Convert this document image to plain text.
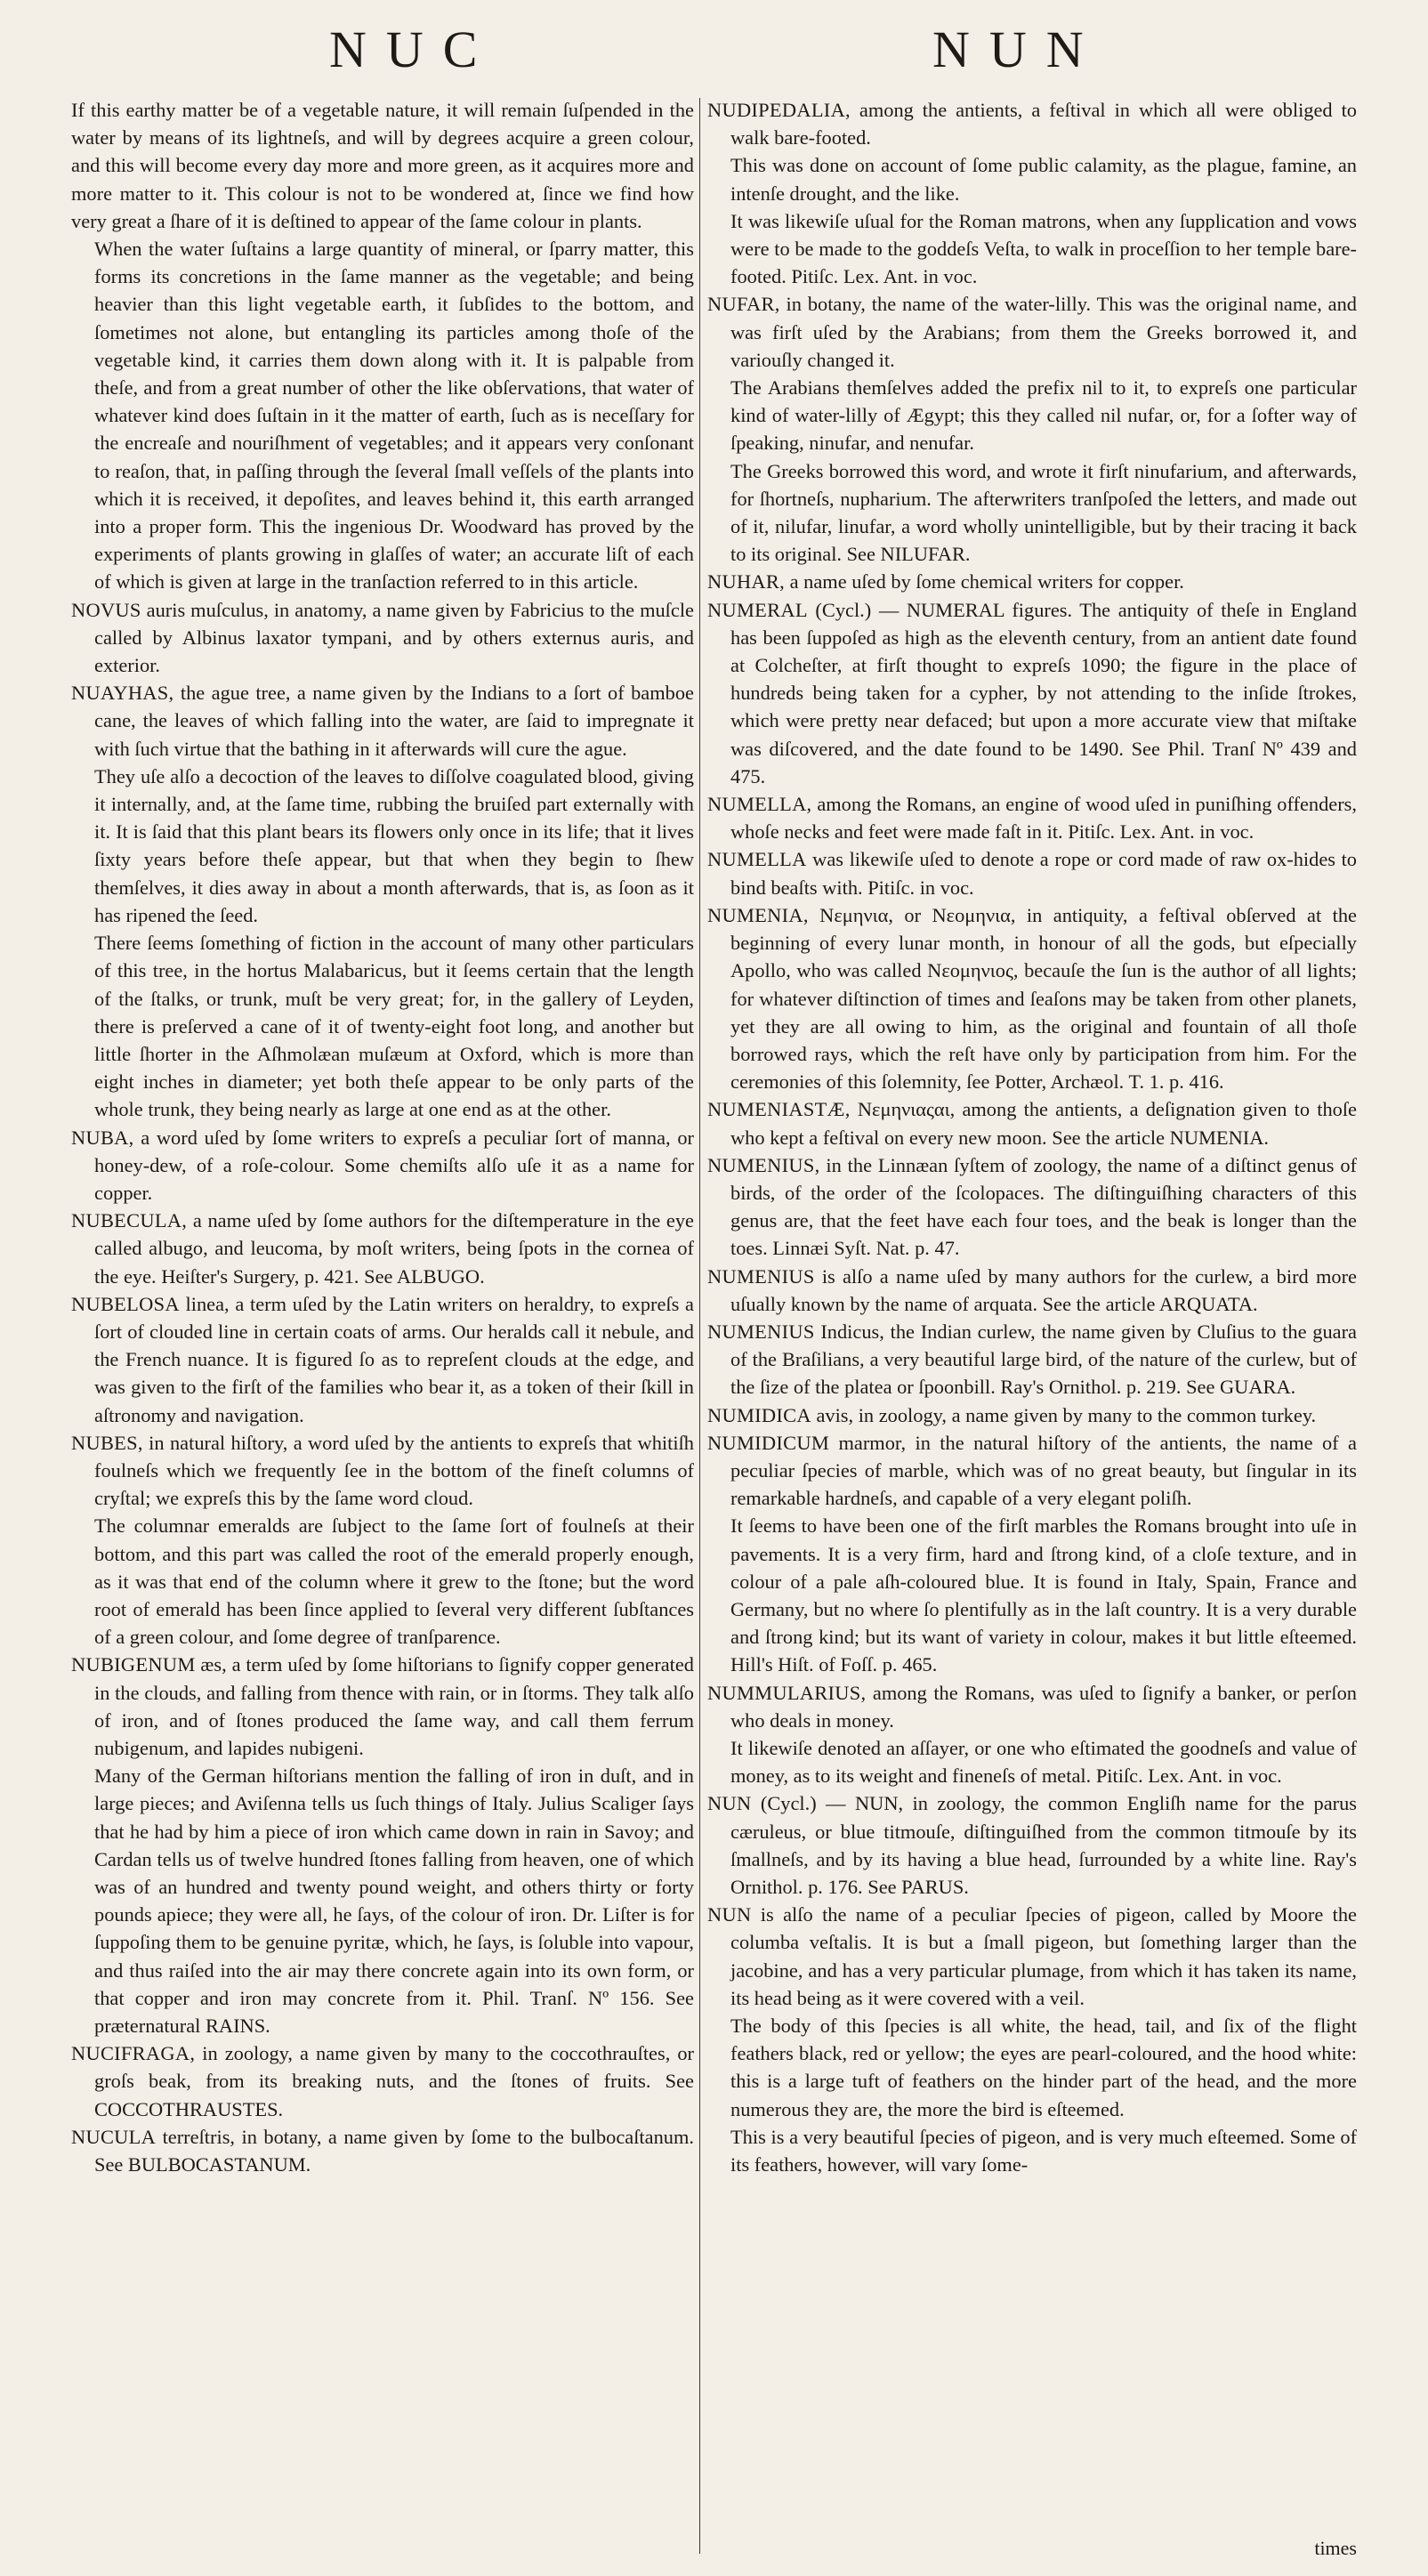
NUC	NUN

If this earthy matter be of a vegetable nature, it will remain ſuſpended in the water by means of its lightneſs, and will by degrees acquire a green colour, and this will become every day more and more green, as it acquires more and more matter to it. This colour is not to be wondered at, ſince we find how very great a ſhare of it is deſtined to appear of the ſame colour in plants.

When the water ſuſtains a large quantity of mineral, or ſparry matter, this forms its concretions in the ſame manner as the vegetable; and being heavier than this light vegetable earth, it ſubſides to the bottom, and ſometimes not alone, but entangling its particles among thoſe of the vegetable kind, it carries them down along with it. It is palpable from theſe, and from a great number of other the like obſervations, that water of whatever kind does ſuſtain in it the matter of earth, ſuch as is neceſſary for the encreaſe and nouriſhment of vegetables; and it appears very conſonant to reaſon, that, in paſſing through the ſeveral ſmall veſſels of the plants into which it is received, it depoſites, and leaves behind it, this earth arranged into a proper form. This the ingenious Dr. Woodward has proved by the experiments of plants growing in glaſſes of water; an accurate liſt of each of which is given at large in the tranſaction referred to in this article.

NOVUS auris muſculus, in anatomy, a name given by Fabricius to the muſcle called by Albinus laxator tympani, and by others externus auris, and exterior.

NUAYHAS, the ague tree, a name given by the Indians to a ſort of bamboe cane, the leaves of which falling into the water, are ſaid to impregnate it with ſuch virtue that the bathing in it afterwards will cure the ague.

They uſe alſo a decoction of the leaves to diſſolve coagulated blood, giving it internally, and, at the ſame time, rubbing the bruiſed part externally with it. It is ſaid that this plant bears its flowers only once in its life; that it lives ſixty years before theſe appear, but that when they begin to ſhew themſelves, it dies away in about a month afterwards, that is, as ſoon as it has ripened the ſeed.

There ſeems ſomething of fiction in the account of many other particulars of this tree, in the hortus Malabaricus, but it ſeems certain that the length of the ſtalks, or trunk, muſt be very great; for, in the gallery of Leyden, there is preſerved a cane of it of twenty-eight foot long, and another but little ſhorter in the Aſhmolæan muſæum at Oxford, which is more than eight inches in diameter; yet both theſe appear to be only parts of the whole trunk, they being nearly as large at one end as at the other.

NUBA, a word uſed by ſome writers to expreſs a peculiar ſort of manna, or honey-dew, of a roſe-colour. Some chemiſts alſo uſe it as a name for copper.

NUBECULA, a name uſed by ſome authors for the diſtemperature in the eye called albugo, and leucoma, by moſt writers, being ſpots in the cornea of the eye. Heiſter's Surgery, p. 421. See ALBUGO.

NUBELOSA linea, a term uſed by the Latin writers on heraldry, to expreſs a ſort of clouded line in certain coats of arms. Our heralds call it nebule, and the French nuance. It is figured ſo as to repreſent clouds at the edge, and was given to the firſt of the families who bear it, as a token of their ſkill in aſtronomy and navigation.

NUBES, in natural hiſtory, a word uſed by the antients to expreſs that whitiſh foulneſs which we frequently ſee in the bottom of the fineſt columns of cryſtal; we expreſs this by the ſame word cloud.

The columnar emeralds are ſubject to the ſame ſort of foulneſs at their bottom, and this part was called the root of the emerald properly enough, as it was that end of the column where it grew to the ſtone; but the word root of emerald has been ſince applied to ſeveral very different ſubſtances of a green colour, and ſome degree of tranſparence.

NUBIGENUM æs, a term uſed by ſome hiſtorians to ſignify copper generated in the clouds, and falling from thence with rain, or in ſtorms. They talk alſo of iron, and of ſtones produced the ſame way, and call them ferrum nubigenum, and lapides nubigeni.

Many of the German hiſtorians mention the falling of iron in duſt, and in large pieces; and Aviſenna tells us ſuch things of Italy. Julius Scaliger ſays that he had by him a piece of iron which came down in rain in Savoy; and Cardan tells us of twelve hundred ſtones falling from heaven, one of which was of an hundred and twenty pound weight, and others thirty or forty pounds apiece; they were all, he ſays, of the colour of iron. Dr. Liſter is for ſuppoſing them to be genuine pyritæ, which, he ſays, is ſoluble into vapour, and thus raiſed into the air may there concrete again into its own form, or that copper and iron may concrete from it. Phil. Tranſ. Nº 156. See præternatural RAINS.

NUCIFRAGA, in zoology, a name given by many to the coccothrauſtes, or groſs beak, from its breaking nuts, and the ſtones of fruits. See COCCOTHRAUSTES.

NUCULA terreſtris, in botany, a name given by ſome to the bulbocaſtanum. See BULBOCASTANUM.

NUDIPEDALIA, among the antients, a feſtival in which all were obliged to walk bare-footed.

This was done on account of ſome public calamity, as the plague, famine, an intenſe drought, and the like.

It was likewiſe uſual for the Roman matrons, when any ſupplication and vows were to be made to the goddeſs Veſta, to walk in proceſſion to her temple bare-footed. Pitiſc. Lex. Ant. in voc.

NUFAR, in botany, the name of the water-lilly. This was the original name, and was firſt uſed by the Arabians; from them the Greeks borrowed it, and variouſly changed it.

The Arabians themſelves added the prefix nil to it, to expreſs one particular kind of water-lilly of Ægypt; this they called nil nufar, or, for a ſofter way of ſpeaking, ninufar, and nenufar.

The Greeks borrowed this word, and wrote it firſt ninufarium, and afterwards, for ſhortneſs, nupharium. The afterwriters tranſpoſed the letters, and made out of it, nilufar, linufar, a word wholly unintelligible, but by their tracing it back to its original. See NILUFAR.

NUHAR, a name uſed by ſome chemical writers for copper.

NUMERAL (Cycl.) — NUMERAL figures. The antiquity of theſe in England has been ſuppoſed as high as the eleventh century, from an antient date found at Colcheſter, at firſt thought to expreſs 1090; the figure in the place of hundreds being taken for a cypher, by not attending to the inſide ſtrokes, which were pretty near defaced; but upon a more accurate view that miſtake was diſcovered, and the date found to be 1490. See Phil. Tranſ Nº 439 and 475.

NUMELLA, among the Romans, an engine of wood uſed in puniſhing offenders, whoſe necks and feet were made faſt in it. Pitiſc. Lex. Ant. in voc.

NUMELLA was likewiſe uſed to denote a rope or cord made of raw ox-hides to bind beaſts with. Pitiſc. in voc.

NUMENIA, Νεμηνια, or Νεομηνια, in antiquity, a feſtival obſerved at the beginning of every lunar month, in honour of all the gods, but eſpecially Apollo, who was called Νεομηνιος, becauſe the ſun is the author of all lights; for whatever diſtinction of times and ſeaſons may be taken from other planets, yet they are all owing to him, as the original and fountain of all thoſe borrowed rays, which the reſt have only by participation from him. For the ceremonies of this ſolemnity, ſee Potter, Archæol. T. 1. p. 416.

NUMENIASTÆ, Νεμηνιαςαι, among the antients, a deſignation given to thoſe who kept a feſtival on every new moon. See the article NUMENIA.

NUMENIUS, in the Linnæan ſyſtem of zoology, the name of a diſtinct genus of birds, of the order of the ſcolopaces. The diſtinguiſhing characters of this genus are, that the feet have each four toes, and the beak is longer than the toes. Linnæi Syſt. Nat. p. 47.

NUMENIUS is alſo a name uſed by many authors for the curlew, a bird more uſually known by the name of arquata. See the article ARQUATA.

NUMENIUS Indicus, the Indian curlew, the name given by Cluſius to the guara of the Braſilians, a very beautiful large bird, of the nature of the curlew, but of the ſize of the platea or ſpoonbill. Ray's Ornithol. p. 219. See GUARA.

NUMIDICA avis, in zoology, a name given by many to the common turkey.

NUMIDICUM marmor, in the natural hiſtory of the antients, the name of a peculiar ſpecies of marble, which was of no great beauty, but ſingular in its remarkable hardneſs, and capable of a very elegant poliſh.

It ſeems to have been one of the firſt marbles the Romans brought into uſe in pavements. It is a very firm, hard and ſtrong kind, of a cloſe texture, and in colour of a pale aſh-coloured blue. It is found in Italy, Spain, France and Germany, but no where ſo plentifully as in the laſt country. It is a very durable and ſtrong kind; but its want of variety in colour, makes it but little eſteemed. Hill's Hiſt. of Foſſ. p. 465.

NUMMULARIUS, among the Romans, was uſed to ſignify a banker, or perſon who deals in money.

It likewiſe denoted an aſſayer, or one who eſtimated the goodneſs and value of money, as to its weight and fineneſs of metal. Pitiſc. Lex. Ant. in voc.

NUN (Cycl.) — NUN, in zoology, the common Engliſh name for the parus cæruleus, or blue titmouſe, diſtinguiſhed from the common titmouſe by its ſmallneſs, and by its having a blue head, ſurrounded by a white line. Ray's Ornithol. p. 176. See PARUS.

NUN is alſo the name of a peculiar ſpecies of pigeon, called by Moore the columba veſtalis. It is but a ſmall pigeon, but ſomething larger than the jacobine, and has a very particular plumage, from which it has taken its name, its head being as it were covered with a veil.

The body of this ſpecies is all white, the head, tail, and ſix of the flight feathers black, red or yellow; the eyes are pearl-coloured, and the hood white: this is a large tuft of feathers on the hinder part of the head, and the more numerous they are, the more the bird is eſteemed.

This is a very beautiful ſpecies of pigeon, and is very much eſteemed. Some of its feathers, however, will vary ſome-

times
